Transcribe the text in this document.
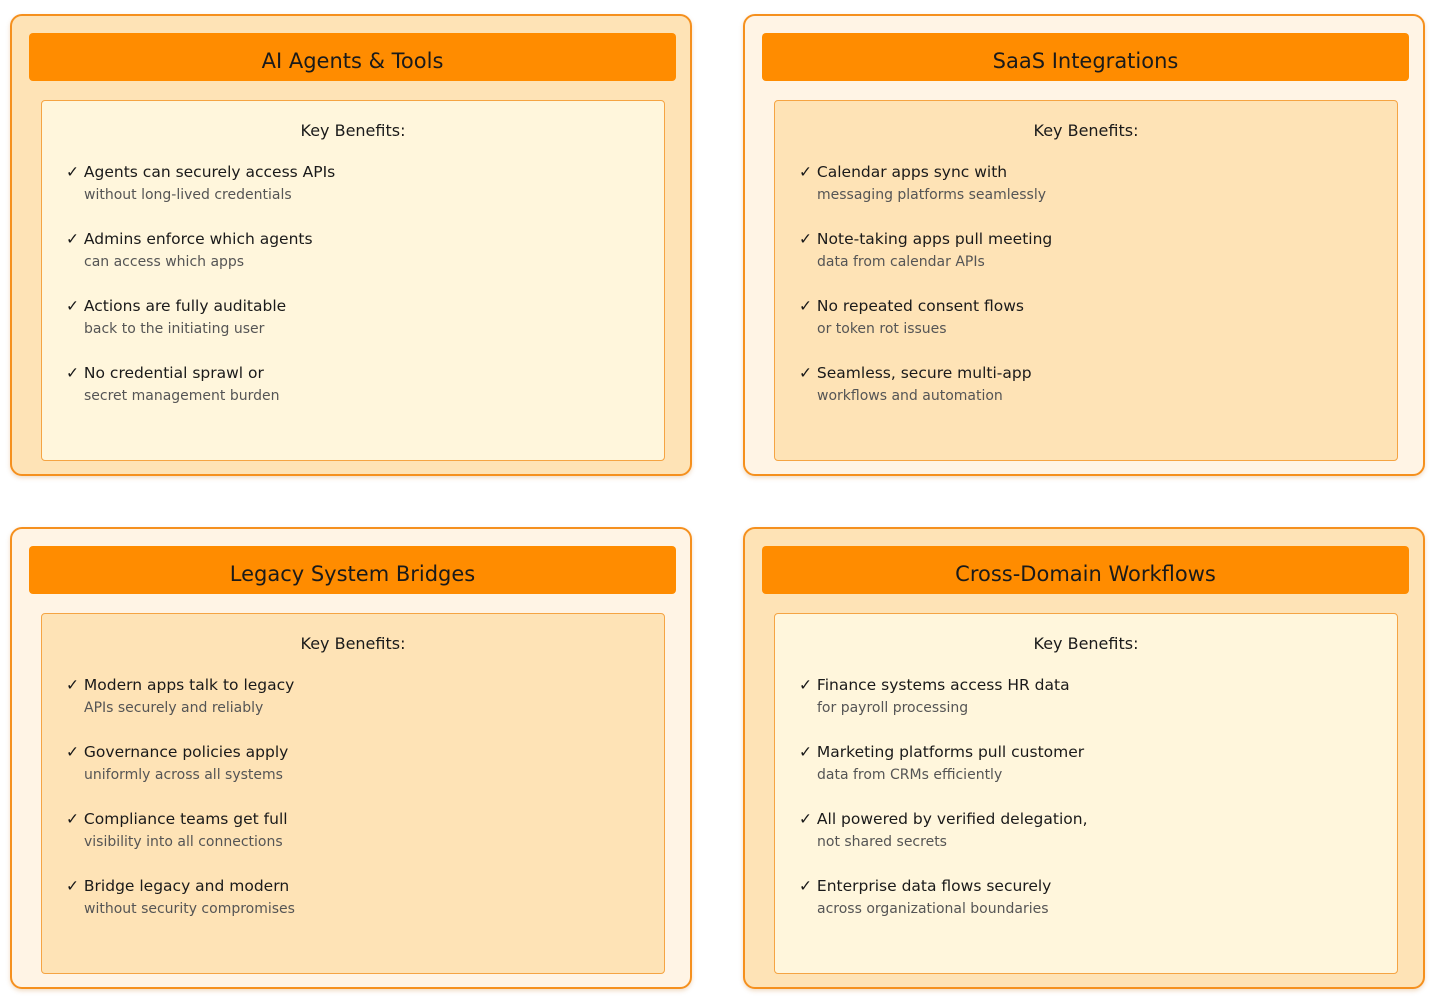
AI Agents & Tools
Key Benefits:
✓ Agents can securely access APIs
without long-lived credentials
✓ Admins enforce which agents
can access which apps
✓ Actions are fully auditable
back to the initiating user
✓ No credential sprawl or
secret management burden
SaaS Integrations
Key Benefits:
✓ Calendar apps sync with
messaging platforms seamlessly
✓ Note-taking apps pull meeting
data from calendar APIs
✓ No repeated consent flows
or token rot issues
✓ Seamless, secure multi-app
workflows and automation
Legacy System Bridges
Key Benefits:
✓ Modern apps talk to legacy
APIs securely and reliably
✓ Governance policies apply
uniformly across all systems
✓ Compliance teams get full
visibility into all connections
✓ Bridge legacy and modern
without security compromises
Cross-Domain Workflows
Key Benefits:
✓ Finance systems access HR data
for payroll processing
✓ Marketing platforms pull customer
data from CRMs efficiently
✓ All powered by verified delegation,
not shared secrets
✓ Enterprise data flows securely
across organizational boundaries
